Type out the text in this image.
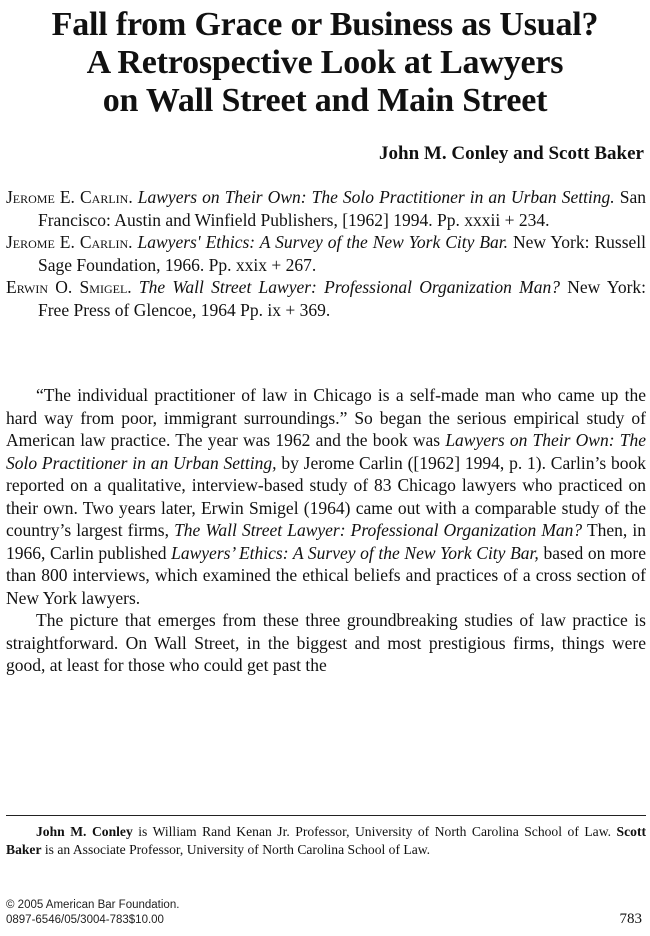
Fall from Grace or Business as Usual?
A Retrospective Look at Lawyers
on Wall Street and Main Street
John M. Conley and Scott Baker

Jerome E. Carlin. Lawyers on Their Own: The Solo Practitioner in an Urban Setting. San Francisco: Austin and Winfield Publishers, [1962] 1994. Pp. xxxii + 234.

Jerome E. Carlin. Lawyers' Ethics: A Survey of the New York City Bar. New York: Russell Sage Foundation, 1966. Pp. xxix + 267.

Erwin O. Smigel. The Wall Street Lawyer: Professional Organization Man? New York: Free Press of Glencoe, 1964 Pp. ix + 369.

“The individual practitioner of law in Chicago is a self-made man who came up the hard way from poor, immigrant surroundings.” So began the serious empirical study of American law practice. The year was 1962 and the book was Lawyers on Their Own: The Solo Practitioner in an Urban Setting, by Jerome Carlin ([1962] 1994, p. 1). Carlin’s book reported on a qualitative, interview-based study of 83 Chicago lawyers who practiced on their own. Two years later, Erwin Smigel (1964) came out with a comparable study of the country’s largest firms, The Wall Street Lawyer: Professional Organization Man? Then, in 1966, Carlin published Lawyers’ Ethics: A Survey of the New York City Bar, based on more than 800 interviews, which examined the ethical beliefs and practices of a cross section of New York lawyers.

The picture that emerges from these three groundbreaking studies of law practice is straightforward. On Wall Street, in the biggest and most prestigious firms, things were good, at least for those who could get past the

John M. Conley is William Rand Kenan Jr. Professor, University of North Carolina School of Law. Scott Baker is an Associate Professor, University of North Carolina School of Law.

© 2005 American Bar Foundation.
0897-6546/05/3004-783$10.00	783
